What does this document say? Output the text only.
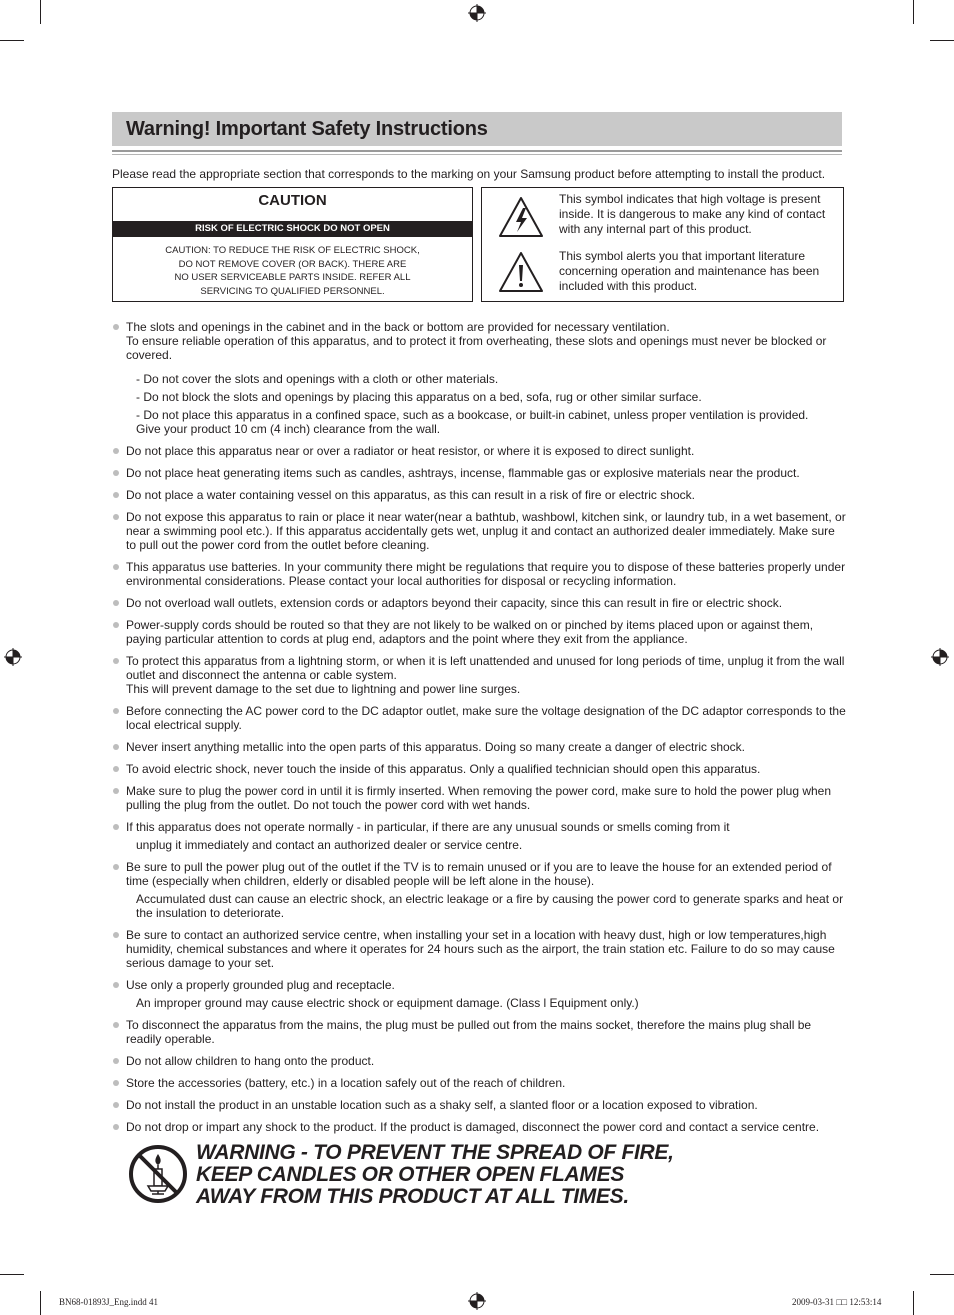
Warning! Important Safety Instructions
Please read the appropriate section that corresponds to the marking on your Samsung product before attempting to install the product.
CAUTION
RISK OF ELECTRIC SHOCK DO NOT OPEN
CAUTION: TO REDUCE THE RISK OF ELECTRIC SHOCK,
DO NOT REMOVE COVER (OR BACK). THERE ARE
NO USER SERVICEABLE PARTS INSIDE. REFER ALL
SERVICING TO QUALIFIED PERSONNEL.
This symbol indicates that high voltage is present inside. It is dangerous to make any kind of contact with any internal part of this product.
This symbol alerts you that important literature concerning operation and maintenance has been included with this product.
The slots and openings in the cabinet and in the back or bottom are provided for necessary ventilation.
To ensure reliable operation of this apparatus, and to protect it from overheating, these slots and openings must never be blocked or covered.
- Do not cover the slots and openings with a cloth or other materials.
- Do not block the slots and openings by placing this apparatus on a bed, sofa, rug or other similar surface.
- Do not place this apparatus in a confined space, such as a bookcase, or built-in cabinet, unless proper ventilation is provided.
Give your product 10 cm (4 inch) clearance from the wall.
Do not place this apparatus near or over a radiator or heat resistor, or where it is exposed to direct sunlight.
Do not place heat generating items such as candles, ashtrays, incense, flammable gas or explosive materials near the product.
Do not place a water containing vessel on this apparatus, as this can result in a risk of fire or electric shock.
Do not expose this apparatus to rain or place it near water(near a bathtub, washbowl, kitchen sink, or laundry tub, in a wet basement, or near a swimming pool etc.). If this apparatus accidentally gets wet, unplug it and contact an authorized dealer immediately. Make sure to pull out the power cord from the outlet before cleaning.
This apparatus use batteries. In your community there might be regulations that require you to dispose of these batteries properly under environmental considerations. Please contact your local authorities for disposal or recycling information.
Do not overload wall outlets, extension cords or adaptors beyond their capacity, since this can result in fire or electric shock.
Power-supply cords should be routed so that they are not likely to be walked on or pinched by items placed upon or against them, paying particular attention to cords at plug end, adaptors and the point where they exit from the appliance.
To protect this apparatus from a lightning storm, or when it is left unattended and unused for long periods of time, unplug it from the wall outlet and disconnect the antenna or cable system.
This will prevent damage to the set due to lightning and power line surges.
Before connecting the AC power cord to the DC adaptor outlet, make sure the voltage designation of the DC adaptor corresponds to the local electrical supply.
Never insert anything metallic into the open parts of this apparatus. Doing so many create a danger of electric shock.
To avoid electric shock, never touch the inside of this apparatus. Only a qualified technician should open this apparatus.
Make sure to plug the power cord in until it is firmly inserted. When removing the power cord, make sure to hold the power plug when pulling the plug from the outlet. Do not touch the power cord with wet hands.
If this apparatus does not operate normally - in particular, if there are any unusual sounds or smells coming from it
unplug it immediately and contact an authorized dealer or service centre.
Be sure to pull the power plug out of the outlet if the TV is to remain unused or if you are to leave the house for an extended period of time (especially when children, elderly or disabled people will be left alone in the house).
Accumulated dust can cause an electric shock, an electric leakage or a fire by causing the power cord to generate sparks and heat or the insulation to deteriorate.
Be sure to contact an authorized service centre, when installing your set in a location with heavy dust, high or low temperatures,high humidity, chemical substances and where it operates for 24 hours such as the airport, the train station etc. Failure to do so may cause serious damage to your set.
Use only a properly grounded plug and receptacle.
An improper ground may cause electric shock or equipment damage. (Class l Equipment only.)
To disconnect the apparatus from the mains, the plug must be pulled out from the mains socket, therefore the mains plug shall be readily operable.
Do not allow children to hang onto the product.
Store the accessories (battery, etc.) in a location safely out of the reach of children.
Do not install the product in an unstable location such as a shaky self, a slanted floor or a location exposed to vibration.
Do not drop or impart any shock to the product. If the product is damaged, disconnect the power cord and contact a service centre.
WARNING - TO PREVENT THE SPREAD OF FIRE,
KEEP CANDLES OR OTHER OPEN FLAMES
AWAY FROM THIS PRODUCT AT ALL TIMES.
BN68-01893J_Eng.indd 41	2009-03-31 □□ 12:53:14
